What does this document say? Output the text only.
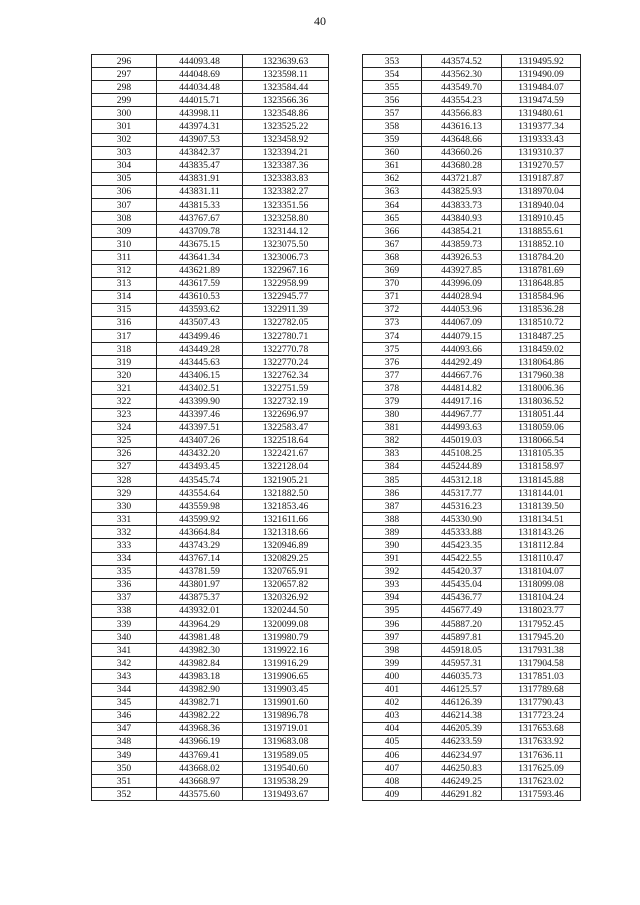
40
296	444093.48	1323639.63
297	444048.69	1323598.11
298	444034.48	1323584.44
299	444015.71	1323566.36
300	443998.11	1323548.86
301	443974.31	1323525.22
302	443907.53	1323458.92
303	443842.37	1323394.21
304	443835.47	1323387.36
305	443831.91	1323383.83
306	443831.11	1323382.27
307	443815.33	1323351.56
308	443767.67	1323258.80
309	443709.78	1323144.12
310	443675.15	1323075.50
311	443641.34	1323006.73
312	443621.89	1322967.16
313	443617.59	1322958.99
314	443610.53	1322945.77
315	443593.62	1322911.39
316	443507.43	1322782.05
317	443499.46	1322780.71
318	443449.28	1322770.78
319	443445.63	1322770.24
320	443406.15	1322762.34
321	443402.51	1322751.59
322	443399.90	1322732.19
323	443397.46	1322696.97
324	443397.51	1322583.47
325	443407.26	1322518.64
326	443432.20	1322421.67
327	443493.45	1322128.04
328	443545.74	1321905.21
329	443554.64	1321882.50
330	443559.98	1321853.46
331	443599.92	1321611.66
332	443664.84	1321318.66
333	443743.29	1320946.89
334	443767.14	1320829.25
335	443781.59	1320765.91
336	443801.97	1320657.82
337	443875.37	1320326.92
338	443932.01	1320244.50
339	443964.29	1320099.08
340	443981.48	1319980.79
341	443982.30	1319922.16
342	443982.84	1319916.29
343	443983.18	1319906.65
344	443982.90	1319903.45
345	443982.71	1319901.60
346	443982.22	1319896.78
347	443968.36	1319719.01
348	443966.19	1319683.08
349	443769.41	1319589.05
350	443668.02	1319540.60
351	443668.97	1319538.29
352	443575.60	1319493.67
353	443574.52	1319495.92
354	443562.30	1319490.09
355	443549.70	1319484.07
356	443554.23	1319474.59
357	443566.83	1319480.61
358	443616.13	1319377.34
359	443648.66	1319333.43
360	443660.26	1319310.37
361	443680.28	1319270.57
362	443721.87	1319187.87
363	443825.93	1318970.04
364	443833.73	1318940.04
365	443840.93	1318910.45
366	443854.21	1318855.61
367	443859.73	1318852.10
368	443926.53	1318784.20
369	443927.85	1318781.69
370	443996.09	1318648.85
371	444028.94	1318584.96
372	444053.96	1318536.28
373	444067.09	1318510.72
374	444079.15	1318487.25
375	444093.66	1318459.02
376	444292.49	1318064.86
377	444667.76	1317960.38
378	444814.82	1318006.36
379	444917.16	1318036.52
380	444967.77	1318051.44
381	444993.63	1318059.06
382	445019.03	1318066.54
383	445108.25	1318105.35
384	445244.89	1318158.97
385	445312.18	1318145.88
386	445317.77	1318144.01
387	445316.23	1318139.50
388	445330.90	1318134.51
389	445333.88	1318143.26
390	445423.35	1318112.84
391	445422.55	1318110.47
392	445420.37	1318104.07
393	445435.04	1318099.08
394	445436.77	1318104.24
395	445677.49	1318023.77
396	445887.20	1317952.45
397	445897.81	1317945.20
398	445918.05	1317931.38
399	445957.31	1317904.58
400	446035.73	1317851.03
401	446125.57	1317789.68
402	446126.39	1317790.43
403	446214.38	1317723.24
404	446205.39	1317653.68
405	446233.59	1317633.92
406	446234.97	1317636.11
407	446250.83	1317625.09
408	446249.25	1317623.02
409	446291.82	1317593.46
